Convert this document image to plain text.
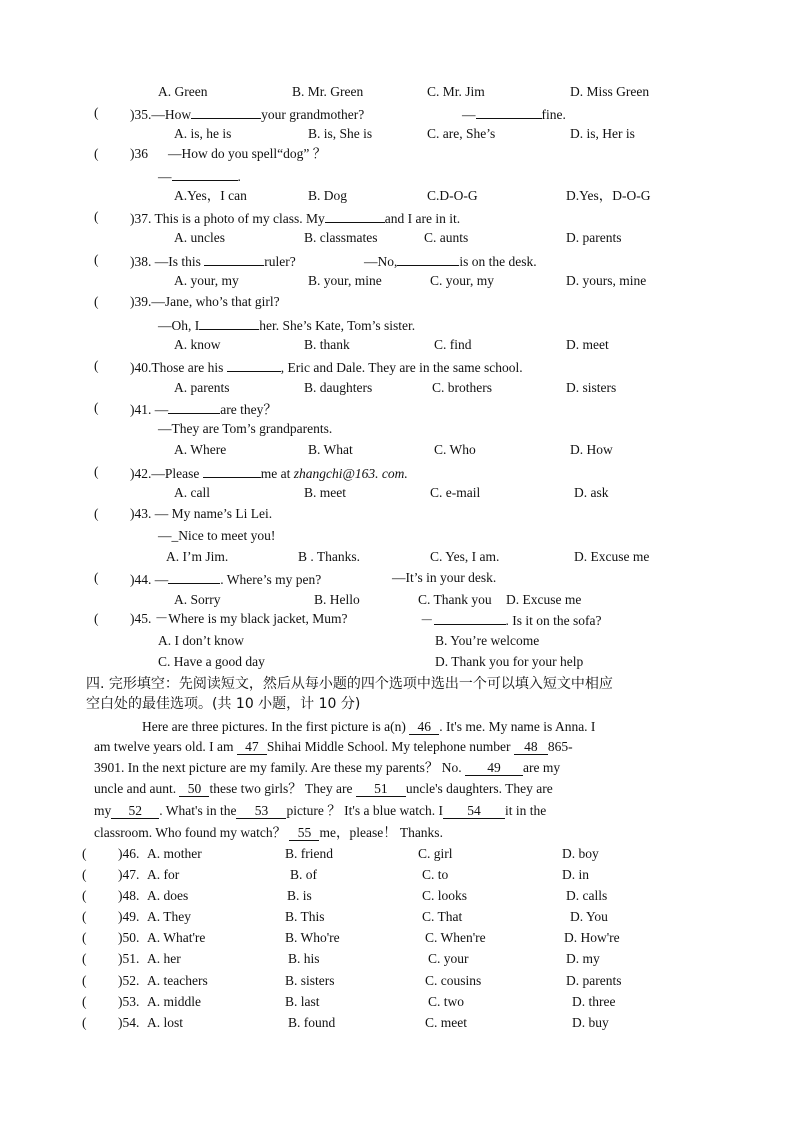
A. Green	B. Mr. Green	C. Mr. Jim	D. Miss Green
( )35.—How	your grandmother?	—	fine.
A. is, he is	B. is, She is	C. are, She’s	D. is, Her is
( )36 —How do you spell“dog” ？
—	.
A.Yes，I can	B. Dog	C.D-O-G	D.Yes，D-O-G
( )37. This is a photo of my class. My	and I are in it.
A. uncles	B. classmates	C. aunts	D. parents
( )38. —Is this	ruler?	—No,	is on the desk.
A. your, my	B. your, mine	C. your, my	D. yours, mine
( )39.—Jane, who’s that girl?
—Oh, I	her. She’s Kate, Tom’s sister.
A. know	B. thank	C. find	D. meet
( )40.Those are his	, Eric and Dale. They are in the same school.
A. parents	B. daughters	C. brothers	D. sisters
( )41. —	are they？
—They are Tom’s grandparents.
A. Where	B. What	C. Who	D. How
( )42.—Please	me at zhangchi@163. com.
A. call	B. meet	C. e-mail	D. ask
( )43. — My name’s Li Lei.
—_Nice to meet you!
A. I’m Jim.	B . Thanks.	C. Yes, I am.	D. Excuse me
( )44. —	. Where’s my pen?	—It’s in your desk.
A. Sorry	B. Hello	C. Thank you D. Excuse me
( )45. －Where is my black jacket, Mum?	－	. Is it on the sofa?
A. I don’t know	B. You’re welcome
C. Have a good day	D. Thank you for your help
四. 完形填空：先阅读短文，然后从每小题的四个选项中选出一个可以填入短文中相应
空白处的最佳选项。(共 10 小题，计 10 分)
Here are three pictures. In the first picture is a(n) 46 . It's me. My name is Anna. I
am twelve years old. I am 47 Shihai Middle School. My telephone number 48 865-
3901. In the next picture are my family. Are these my parents？ No. 49 are my
uncle and aunt. 50 these two girls？ They are 51 uncle's daughters. They are
my 52 . What's in the 53 picture ？ It's a blue watch. I 54 it in the
classroom. Who found my watch？ 55 me，please！ Thanks.
( )46. A. mother	B. friend	C. girl	D. boy
( )47. A. for	B. of	C. to	D. in
( )48. A. does	B. is	C. looks	D. calls
( )49. A. They	B. This	C. That	D. You
( )50. A. What're	B. Who're	C. When're	D. How're
( )51. A. her	B. his	C. your	D. my
( )52. A. teachers	B. sisters	C. cousins	D. parents
( )53. A. middle	B. last	C. two	D. three
( )54. A. lost	B. found	C. meet	D. buy
